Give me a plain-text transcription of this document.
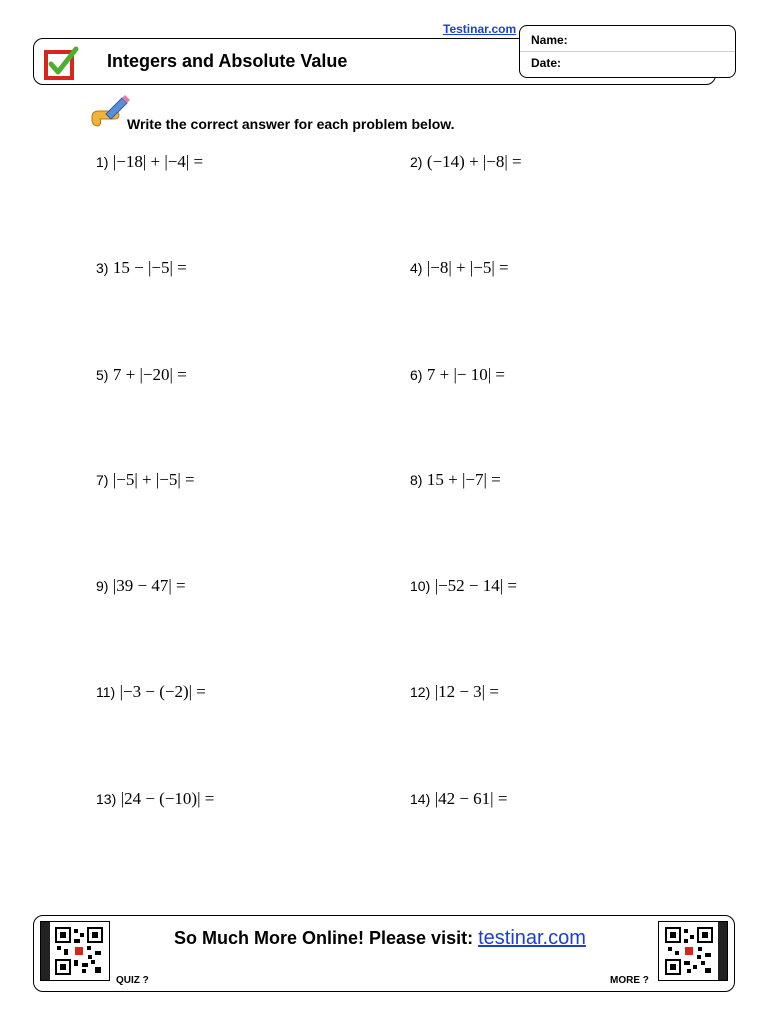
Testinar.com
Integers and Absolute Value
Name:
Date:
Write the correct answer for each problem below.
1) |−18| + |−4| =	2) (−14) + |−8| =
3) 15 − |−5| =	4) |−8| + |−5| =
5) 7 + |−20| =	6) 7 + |− 10| =
7) |−5| + |−5| =	8) 15 + |−7| =
9) |39 − 47| =	10) |−52 − 14| =
11) |−3 − (−2)| =	12) |12 − 3| =
13) |24 − (−10)| =	14) |42 − 61| =
QUIZ ?	MORE ?
So Much More Online! Please visit: testinar.com
